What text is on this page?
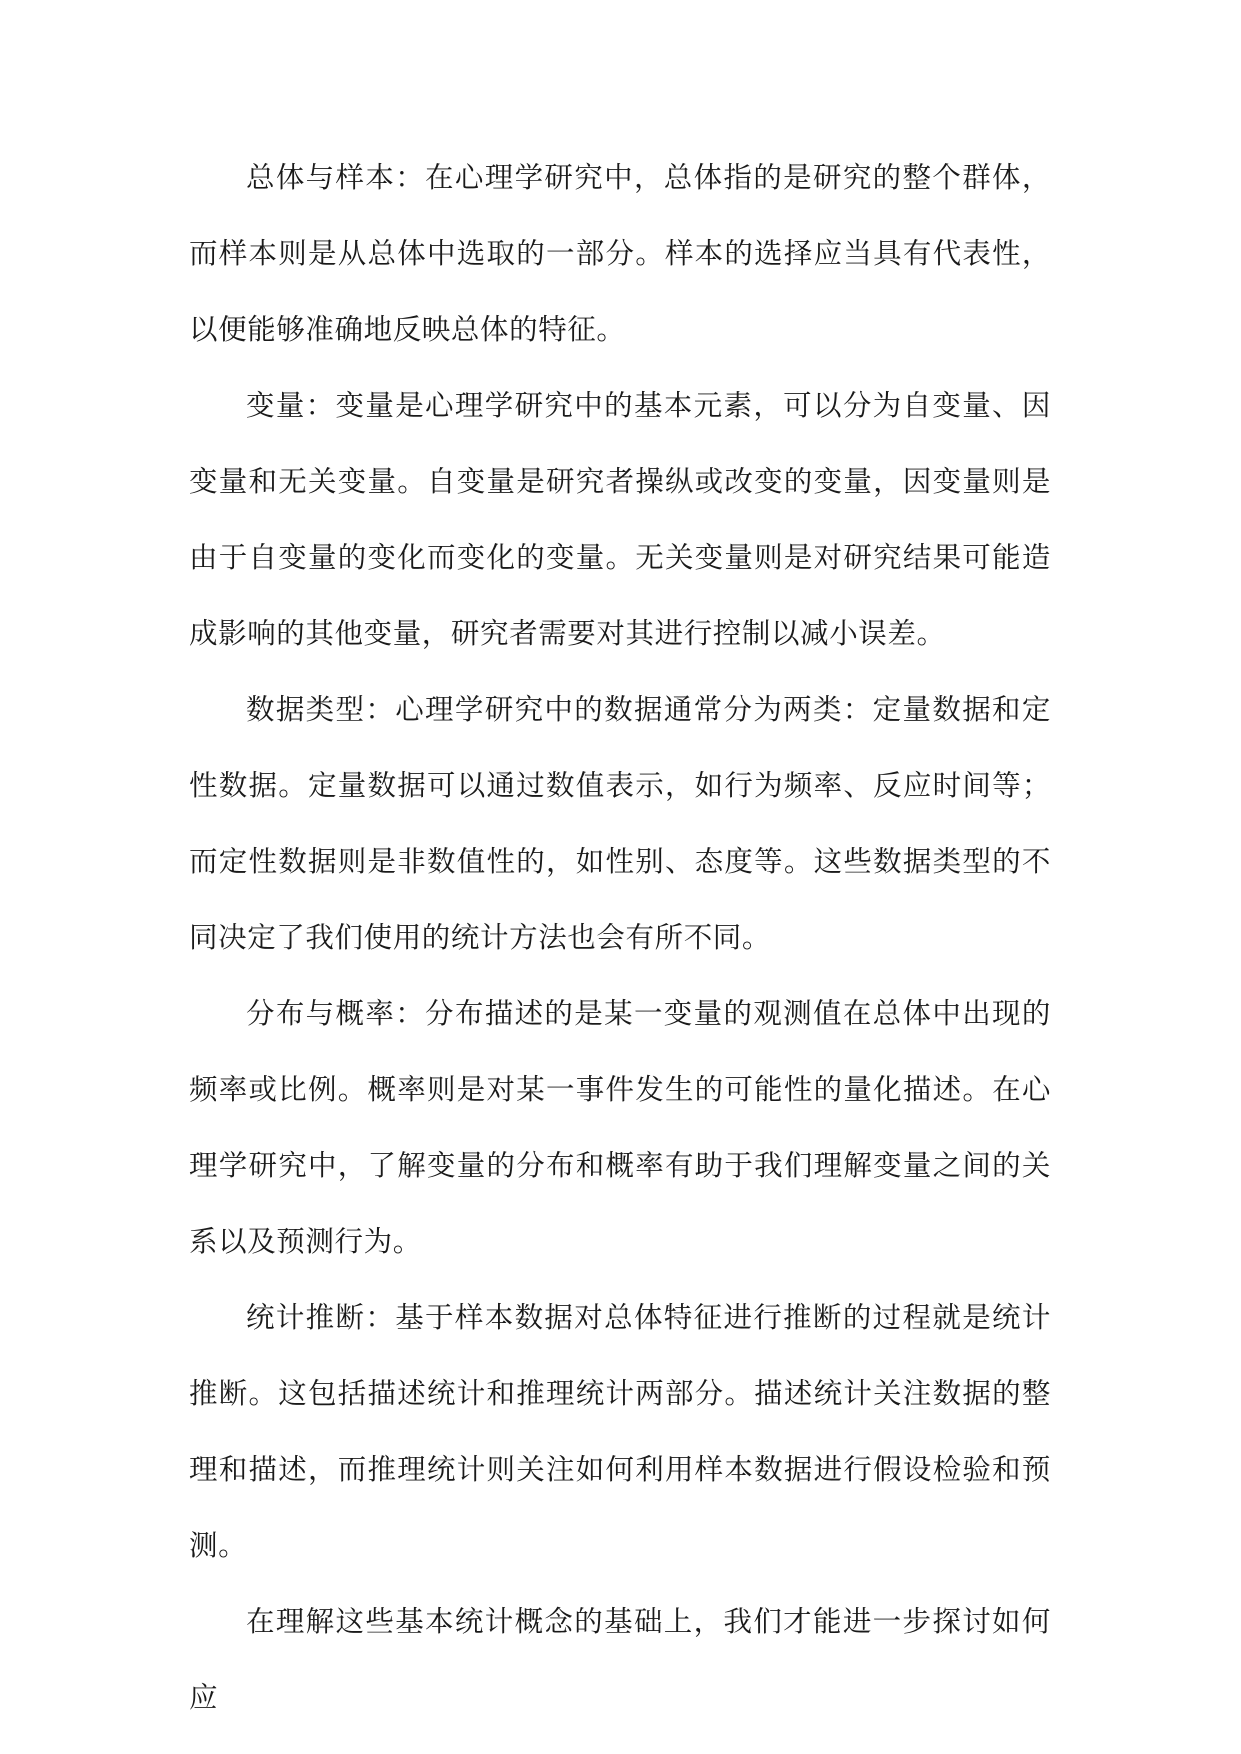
总体与样本：在心理学研究中，总体指的是研究的整个群体，而样本则是从总体中选取的一部分。样本的选择应当具有代表性，以便能够准确地反映总体的特征。

变量：变量是心理学研究中的基本元素，可以分为自变量、因变量和无关变量。自变量是研究者操纵或改变的变量，因变量则是由于自变量的变化而变化的变量。无关变量则是对研究结果可能造成影响的其他变量，研究者需要对其进行控制以减小误差。

数据类型：心理学研究中的数据通常分为两类：定量数据和定性数据。定量数据可以通过数值表示，如行为频率、反应时间等；而定性数据则是非数值性的，如性别、态度等。这些数据类型的不同决定了我们使用的统计方法也会有所不同。

分布与概率：分布描述的是某一变量的观测值在总体中出现的频率或比例。概率则是对某一事件发生的可能性的量化描述。在心理学研究中，了解变量的分布和概率有助于我们理解变量之间的关系以及预测行为。

统计推断：基于样本数据对总体特征进行推断的过程就是统计推断。这包括描述统计和推理统计两部分。描述统计关注数据的整理和描述，而推理统计则关注如何利用样本数据进行假设检验和预测。

在理解这些基本统计概念的基础上，我们才能进一步探讨如何应
